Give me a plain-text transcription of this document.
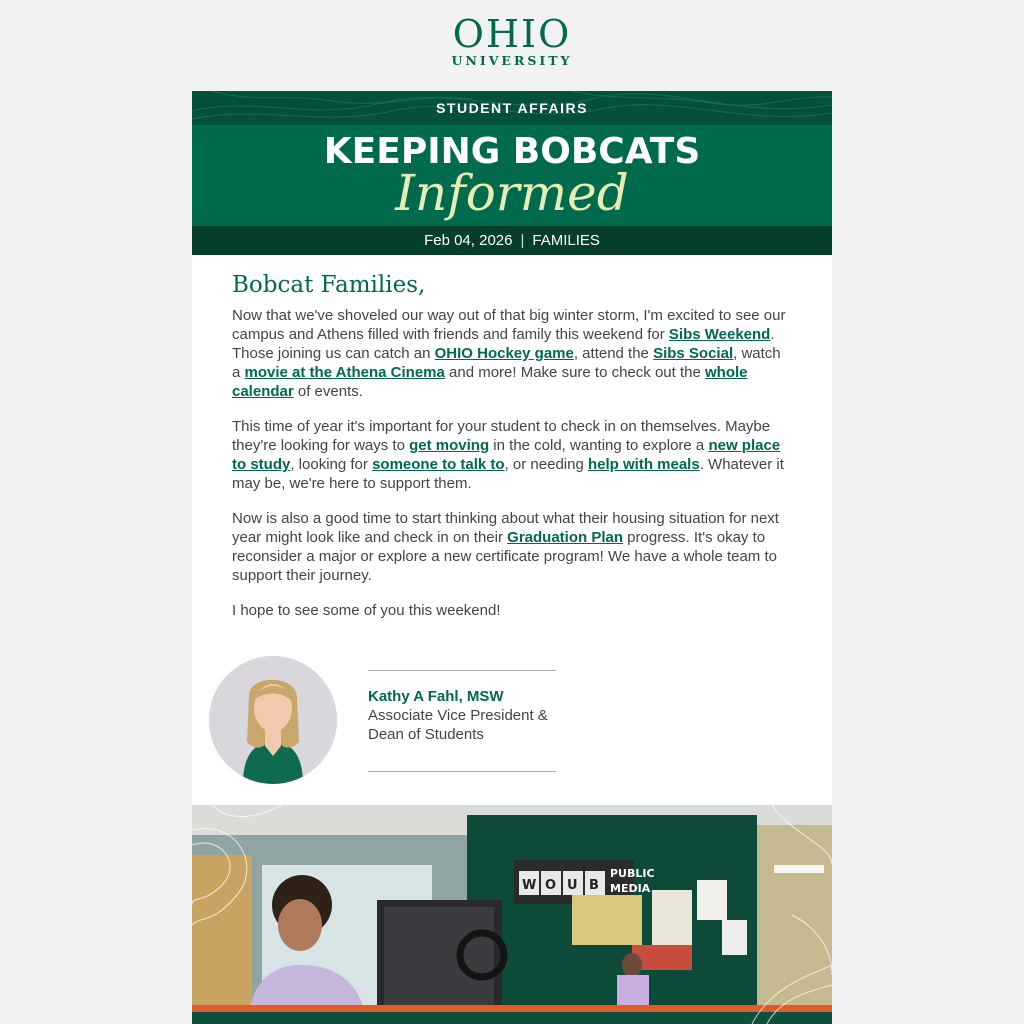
OHIO
UNIVERSITY
STUDENT AFFAIRS
KEEPING BOBCATS
Informed
Feb 04, 2026 | FAMILIES
Bobcat Families,

Now that we've shoveled our way out of that big winter storm, I'm excited to see our campus and Athens filled with friends and family this weekend for Sibs Weekend. Those joining us can catch an OHIO Hockey game, attend the Sibs Social, watch a movie at the Athena Cinema and more! Make sure to check out the whole calendar of events.

This time of year it's important for your student to check in on themselves. Maybe they're looking for ways to get moving in the cold, wanting to explore a new place to study, looking for someone to talk to, or needing help with meals. Whatever it may be, we're here to support them.

Now is also a good time to start thinking about what their housing situation for next year might look like and check in on their Graduation Plan progress. It's okay to reconsider a major or explore a new certificate program! We have a whole team to support their journey.

I hope to see some of you this weekend!

Kathy A Fahl, MSW
Associate Vice President & Dean of Students
W O U B
PUBLIC
MEDIA
